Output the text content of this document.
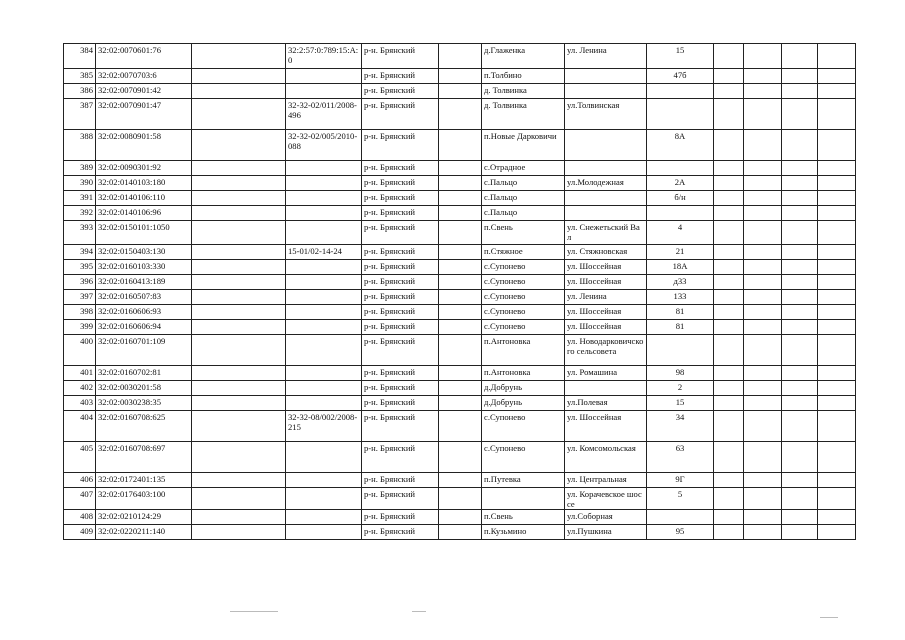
384	32:02:0070601:76		32:2:57:0:789:15:А:0	р-н. Брянский		д.Глаженка	ул. Ленина	15				
385	32:02:0070703:6			р-н. Брянский		п.Толбино		47б				
386	32:02:0070901:42			р-н. Брянский		д. Толвинка						
387	32:02:0070901:47		32-32-02/011/2008-496	р-н. Брянский		д. Толвинка	ул.Толвинская					
388	32:02:0080901:58		32-32-02/005/2010-088	р-н. Брянский		п.Новые Дарковичи		8А				
389	32:02:0090301:92			р-н. Брянский		с.Отрадное						
390	32:02:0140103:180			р-н. Брянский		с.Пальцо	ул.Молодежная	2А				
391	32:02:0140106:110			р-н. Брянский		с.Пальцо		б/н				
392	32:02:0140106:96			р-н. Брянский		с.Пальцо						
393	32:02:0150101:1050			р-н. Брянский		п.Свень	ул. Снежетьский Вал	4				
394	32:02:0150403:130		15-01/02-14-24	р-н. Брянский		п.Стяжное	ул. Стяжновская	21				
395	32:02:0160103:330			р-н. Брянский		с.Супонево	ул. Шоссейная	18А				
396	32:02:0160413:189			р-н. Брянский		с.Супонево	ул. Шоссейная	д33				
397	32:02:0160507:83			р-н. Брянский		с.Супонево	ул. Ленина	133				
398	32:02:0160606:93			р-н. Брянский		с.Супонево	ул. Шоссейная	81				
399	32:02:0160606:94			р-н. Брянский		с.Супонево	ул. Шоссейная	81				
400	32:02:0160701:109			р-н. Брянский		п.Антоновка	ул. Новодарковичского сельсовета					
401	32:02:0160702:81			р-н. Брянский		п.Антоновка	ул. Ромашина	98				
402	32:02:0030201:58			р-н. Брянский		д.Добрунь		2				
403	32:02:0030238:35			р-н. Брянский		д.Добрунь	ул.Полевая	15				
404	32:02:0160708:625		32-32-08/002/2008-215	р-н. Брянский		с.Супонево	ул. Шоссейная	34				
405	32:02:0160708:697			р-н. Брянский		с.Супонево	ул. Комсомольская	63				
406	32:02:0172401:135			р-н. Брянский		п.Путевка	ул. Центральная	9Г				
407	32:02:0176403:100			р-н. Брянский			ул. Корачевское шоссе	5				
408	32:02:0210124:29			р-н. Брянский		п.Свень	ул.Соборная					
409	32:02:0220211:140			р-н. Брянский		п.Кузьмино	ул.Пушкина	95				
